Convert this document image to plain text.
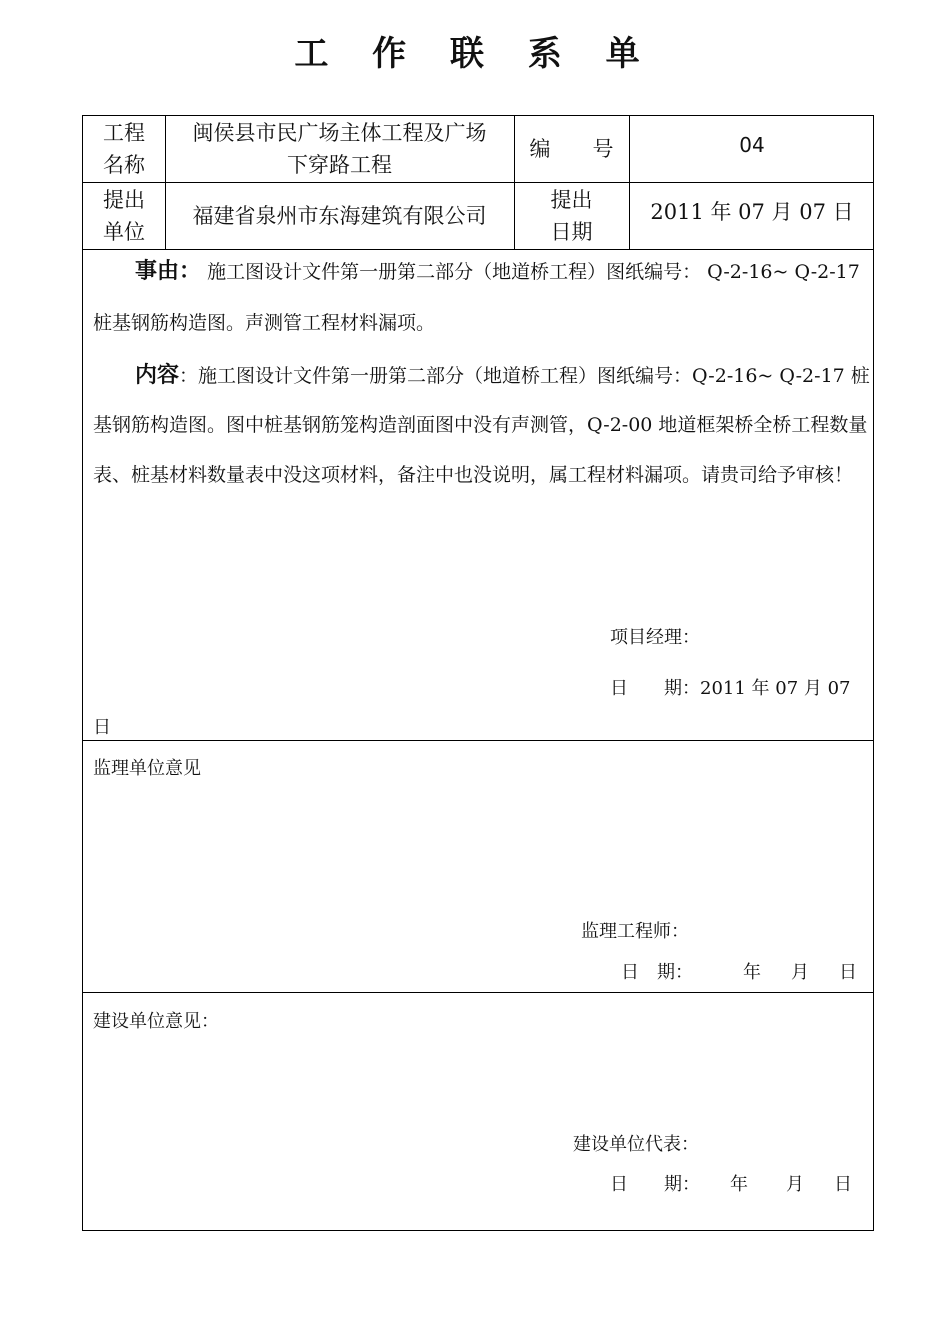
工 作 联 系 单
工程
名称
闽侯县市民广场主体工程及广场
下穿路工程
编　　号	04
提出
单位
福建省泉州市东海建筑有限公司
提出
日期
2011 年 07 月 07 日
事由： 施工图设计文件第一册第二部分（地道桥工程）图纸编号： Q-2-16~ Q-2-17
桩基钢筋构造图。声测管工程材料漏项。
内容：施工图设计文件第一册第二部分（地道桥工程）图纸编号：Q-2-16~ Q-2-17 桩
基钢筋构造图。图中桩基钢筋笼构造剖面图中没有声测管，Q-2-00 地道框架桥全桥工程数量
表、桩基材料数量表中没这项材料，备注中也没说明，属工程材料漏项。请贵司给予审核！
项目经理：
日　　期：2011 年 07 月 07
日
监理单位意见
监理工程师：
日　期：	年 月 日
建设单位意见：
建设单位代表：
日　　期： 年 月 日
